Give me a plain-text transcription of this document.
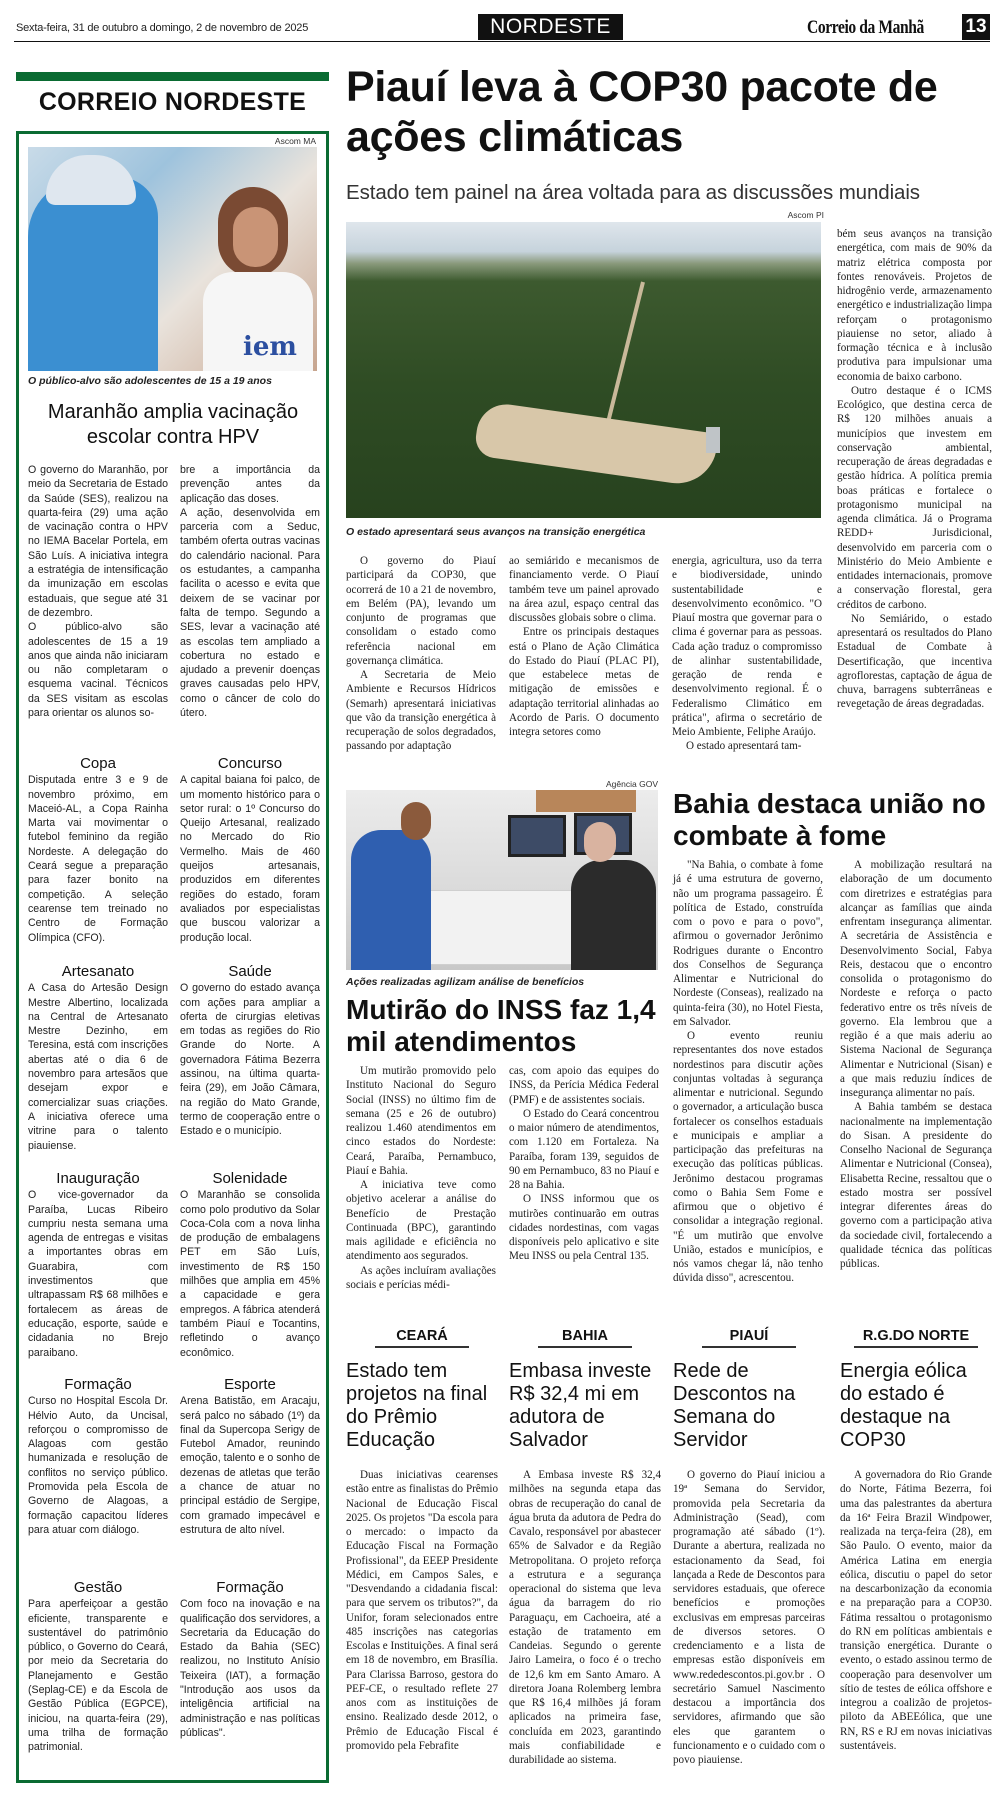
Sexta-feira, 31 de outubro a domingo, 2 de novembro de 2025	NORDESTE	Correio da Manhã 13
CORREIO NORDESTE
Ascom MA
iem
O público-alvo são adolescentes de 15 a 19 anos
Maranhão amplia vacinação escolar contra HPV

O governo do Maranhão, por meio da Secretaria de Estado da Saúde (SES), realizou na quarta-feira (29) uma ação de vacinação contra o HPV no IEMA Bacelar Portela, em São Luís. A iniciativa integra a estratégia de intensificação da imunização em escolas estaduais, que segue até 31 de dezembro.

O público-alvo são adolescentes de 15 a 19 anos que ainda não iniciaram ou não completaram o esquema vacinal. Técnicos da SES visitam as escolas para orientar os alunos so-

bre a importância da prevenção antes da aplicação das doses.

A ação, desenvolvida em parceria com a Seduc, também oferta outras vacinas do calendário nacional. Para os estudantes, a campanha facilita o acesso e evita que deixem de se vacinar por falta de tempo. Segundo a SES, levar a vacinação até as escolas tem ampliado a cobertura no estado e ajudado a prevenir doenças graves causadas pelo HPV, como o câncer de colo do útero.

Copa

Disputada entre 3 e 9 de novembro próximo, em Maceió-AL, a Copa Rainha Marta vai movimentar o futebol feminino da região Nordeste. A delegação do Ceará segue a preparação para fazer bonito na competição. A seleção cearense tem treinado no Centro de Formação Olímpica (CFO).

Concurso

A capital baiana foi palco, de um momento histórico para o setor rural: o 1º Concurso do Queijo Artesanal, realizado no Mercado do Rio Vermelho. Mais de 460 queijos artesanais, produzidos em diferentes regiões do estado, foram avaliados por especialistas que buscou valorizar a produção local.

Artesanato

A Casa do Artesão Design Mestre Albertino, localizada na Central de Artesanato Mestre Dezinho, em Teresina, está com inscrições abertas até o dia 6 de novembro para artesãos que desejam expor e comercializar suas criações. A iniciativa oferece uma vitrine para o talento piauiense.

Saúde

O governo do estado avança com ações para ampliar a oferta de cirurgias eletivas em todas as regiões do Rio Grande do Norte. A governadora Fátima Bezerra assinou, na última quarta-feira (29), em João Câmara, na região do Mato Grande, termo de cooperação entre o Estado e o município.

Inauguração

O vice-governador da Paraíba, Lucas Ribeiro cumpriu nesta semana uma agenda de entregas e visitas a importantes obras em Guarabira, com investimentos que ultrapassam R$ 68 milhões e fortalecem as áreas de educação, esporte, saúde e cidadania no Brejo paraibano.

Solenidade

O Maranhão se consolida como polo produtivo da Solar Coca-Cola com a nova linha de produção de embalagens PET em São Luís, investimento de R$ 150 milhões que amplia em 45% a capacidade e gera empregos. A fábrica atenderá também Piauí e Tocantins, refletindo o avanço econômico.

Formação

Curso no Hospital Escola Dr. Hélvio Auto, da Uncisal, reforçou o compromisso de Alagoas com gestão humanizada e resolução de conflitos no serviço público. Promovida pela Escola de Governo de Alagoas, a formação capacitou líderes para atuar com diálogo.

Esporte

Arena Batistão, em Aracaju, será palco no sábado (1º) da final da Supercopa Serigy de Futebol Amador, reunindo emoção, talento e o sonho de dezenas de atletas que terão a chance de atuar no principal estádio de Sergipe, com gramado impecável e estrutura de alto nível.

Gestão

Para aperfeiçoar a gestão eficiente, transparente e sustentável do patrimônio público, o Governo do Ceará, por meio da Secretaria do Planejamento e Gestão (Seplag-CE) e da Escola de Gestão Pública (EGPCE), iniciou, na quarta-feira (29), uma trilha de formação patrimonial.

Formação

Com foco na inovação e na qualificação dos servidores, a Secretaria da Educação do Estado da Bahia (SEC) realizou, no Instituto Anísio Teixeira (IAT), a formação "Introdução aos usos da inteligência artificial na administração e nas políticas públicas".

Piauí leva à COP30 pacote de ações climáticas
Estado tem painel na área voltada para as discussões mundiais
Ascom PI
O estado apresentará seus avanços na transição energética

O governo do Piauí participará da COP30, que ocorrerá de 10 a 21 de novembro, em Belém (PA), levando um conjunto de programas que consolidam o estado como referência nacional em governança climática.

A Secretaria de Meio Ambiente e Recursos Hídricos (Semarh) apresentará iniciativas que vão da transição energética à recuperação de solos degradados, passando por adaptação

ao semiárido e mecanismos de financiamento verde. O Piauí também teve um painel aprovado na área azul, espaço central das discussões globais sobre o clima.

Entre os principais destaques está o Plano de Ação Climática do Estado do Piauí (PLAC PI), que estabelece metas de mitigação de emissões e adaptação territorial alinhadas ao Acordo de Paris. O documento integra setores como

energia, agricultura, uso da terra e biodiversidade, unindo sustentabilidade e desenvolvimento econômico. "O Piauí mostra que governar para o clima é governar para as pessoas. Cada ação traduz o compromisso de alinhar sustentabilidade, geração de renda e desenvolvimento regional. É o Federalismo Climático em prática", afirma o secretário de Meio Ambiente, Feliphe Araújo.

O estado apresentará tam-

bém seus avanços na transição energética, com mais de 90% da matriz elétrica composta por fontes renováveis. Projetos de hidrogênio verde, armazenamento energético e industrialização limpa reforçam o protagonismo piauiense no setor, aliado à formação técnica e à inclusão produtiva para impulsionar uma economia de baixo carbono.

Outro destaque é o ICMS Ecológico, que destina cerca de R$ 120 milhões anuais a municípios que investem em conservação ambiental, recuperação de áreas degradadas e gestão hídrica. A política premia boas práticas e fortalece o protagonismo municipal na agenda climática. Já o Programa REDD+ Jurisdicional, desenvolvido em parceria com o Ministério do Meio Ambiente e entidades internacionais, promove a conservação florestal, gera créditos de carbono.

No Semiárido, o estado apresentará os resultados do Plano Estadual de Combate à Desertificação, que incentiva agroflorestas, captação de água de chuva, barragens subterrâneas e revegetação de áreas degradadas.

Agência GOV
Ações realizadas agilizam análise de benefícios
Mutirão do INSS faz 1,4 mil atendimentos

Um mutirão promovido pelo Instituto Nacional do Seguro Social (INSS) no último fim de semana (25 e 26 de outubro) realizou 1.460 atendimentos em cinco estados do Nordeste: Ceará, Paraíba, Pernambuco, Piauí e Bahia.

A iniciativa teve como objetivo acelerar a análise do Benefício de Prestação Continuada (BPC), garantindo mais agilidade e eficiência no atendimento aos segurados.

As ações incluíram avaliações sociais e perícias médi-

cas, com apoio das equipes do INSS, da Perícia Médica Federal (PMF) e de assistentes sociais.

O Estado do Ceará concentrou o maior número de atendimentos, com 1.120 em Fortaleza. Na Paraíba, foram 139, seguidos de 90 em Pernambuco, 83 no Piauí e 28 na Bahia.

O INSS informou que os mutirões continuarão em outras cidades nordestinas, com vagas disponíveis pelo aplicativo e site Meu INSS ou pela Central 135.

Bahia destaca união no combate à fome

"Na Bahia, o combate à fome já é uma estrutura de governo, não um programa passageiro. É política de Estado, construída com o povo e para o povo", afirmou o governador Jerônimo Rodrigues durante o Encontro dos Conselhos de Segurança Alimentar e Nutricional do Nordeste (Conseas), realizado na quinta-feira (30), no Hotel Fiesta, em Salvador.

O evento reuniu representantes dos nove estados nordestinos para discutir ações conjuntas voltadas à segurança alimentar e nutricional. Segundo o governador, a articulação busca fortalecer os conselhos estaduais e municipais e ampliar a participação das prefeituras na execução das políticas públicas. Jerônimo destacou programas como o Bahia Sem Fome e afirmou que o objetivo é consolidar a integração regional. "É um mutirão que envolve União, estados e municípios, e nós vamos chegar lá, não tenho dúvida disso", acrescentou.

A mobilização resultará na elaboração de um documento com diretrizes e estratégias para alcançar as famílias que ainda enfrentam insegurança alimentar. A secretária de Assistência e Desenvolvimento Social, Fabya Reis, destacou que o encontro consolida o protagonismo do Nordeste e reforça o pacto federativo entre os três níveis de governo. Ela lembrou que a região é a que mais aderiu ao Sistema Nacional de Segurança Alimentar e Nutricional (Sisan) e a que mais reduziu índices de insegurança alimentar no país.

A Bahia também se destaca nacionalmente na implementação do Sisan. A presidente do Conselho Nacional de Segurança Alimentar e Nutricional (Consea), Elisabetta Recine, ressaltou que o estado mostra ser possível integrar diferentes áreas do governo com a participação ativa da sociedade civil, fortalecendo a qualidade técnica das políticas públicas.

CEARÁ
Estado tem projetos na final do Prêmio Educação

Duas iniciativas cearenses estão entre as finalistas do Prêmio Nacional de Educação Fiscal 2025. Os projetos "Da escola para o mercado: o impacto da Educação Fiscal na Formação Profissional", da EEEP Presidente Médici, em Campos Sales, e "Desvendando a cidadania fiscal: para que servem os tributos?", da Unifor, foram selecionados entre 485 inscrições nas categorias Escolas e Instituições. A final será em 18 de novembro, em Brasília. Para Clarissa Barroso, gestora do PEF-CE, o resultado reflete 27 anos com as instituições de ensino. Realizado desde 2012, o Prêmio de Educação Fiscal é promovido pela Febrafite

BAHIA
Embasa investe R$ 32,4 mi em adutora de Salvador

A Embasa investe R$ 32,4 milhões na segunda etapa das obras de recuperação do canal de água bruta da adutora de Pedra do Cavalo, responsável por abastecer 65% de Salvador e da Região Metropolitana. O projeto reforça a estrutura e a segurança operacional do sistema que leva água da barragem do rio Paraguaçu, em Cachoeira, até a estação de tratamento em Candeias. Segundo o gerente Jairo Lameira, o foco é o trecho de 12,6 km em Santo Amaro. A diretora Joana Rolemberg lembra que R$ 16,4 milhões já foram aplicados na primeira fase, concluída em 2023, garantindo mais confiabilidade e durabilidade ao sistema.

PIAUÍ
Rede de Descontos na Semana do Servidor

O governo do Piauí iniciou a 19ª Semana do Servidor, promovida pela Secretaria da Administração (Sead), com programação até sábado (1º). Durante a abertura, realizada no estacionamento da Sead, foi lançada a Rede de Descontos para servidores estaduais, que oferece benefícios e promoções exclusivas em empresas parceiras de diversos setores. O credenciamento e a lista de empresas estão disponíveis em www.rededescontos.pi.gov.br . O secretário Samuel Nascimento destacou a importância dos servidores, afirmando que são eles que garantem o funcionamento e o cuidado com o povo piauiense.

R.G.DO NORTE
Energia eólica do estado é destaque na COP30

A governadora do Rio Grande do Norte, Fátima Bezerra, foi uma das palestrantes da abertura da 16ª Feira Brazil Windpower, realizada na terça-feira (28), em São Paulo. O evento, maior da América Latina em energia eólica, discutiu o papel do setor na descarbonização da economia e na preparação para a COP30. Fátima ressaltou o protagonismo do RN em políticas ambientais e transição energética. Durante o evento, o estado assinou termo de cooperação para desenvolver um sítio de testes de eólica offshore e integrou a coalizão de projetos-piloto da ABEEólica, que une RN, RS e RJ em novas iniciativas sustentáveis.
